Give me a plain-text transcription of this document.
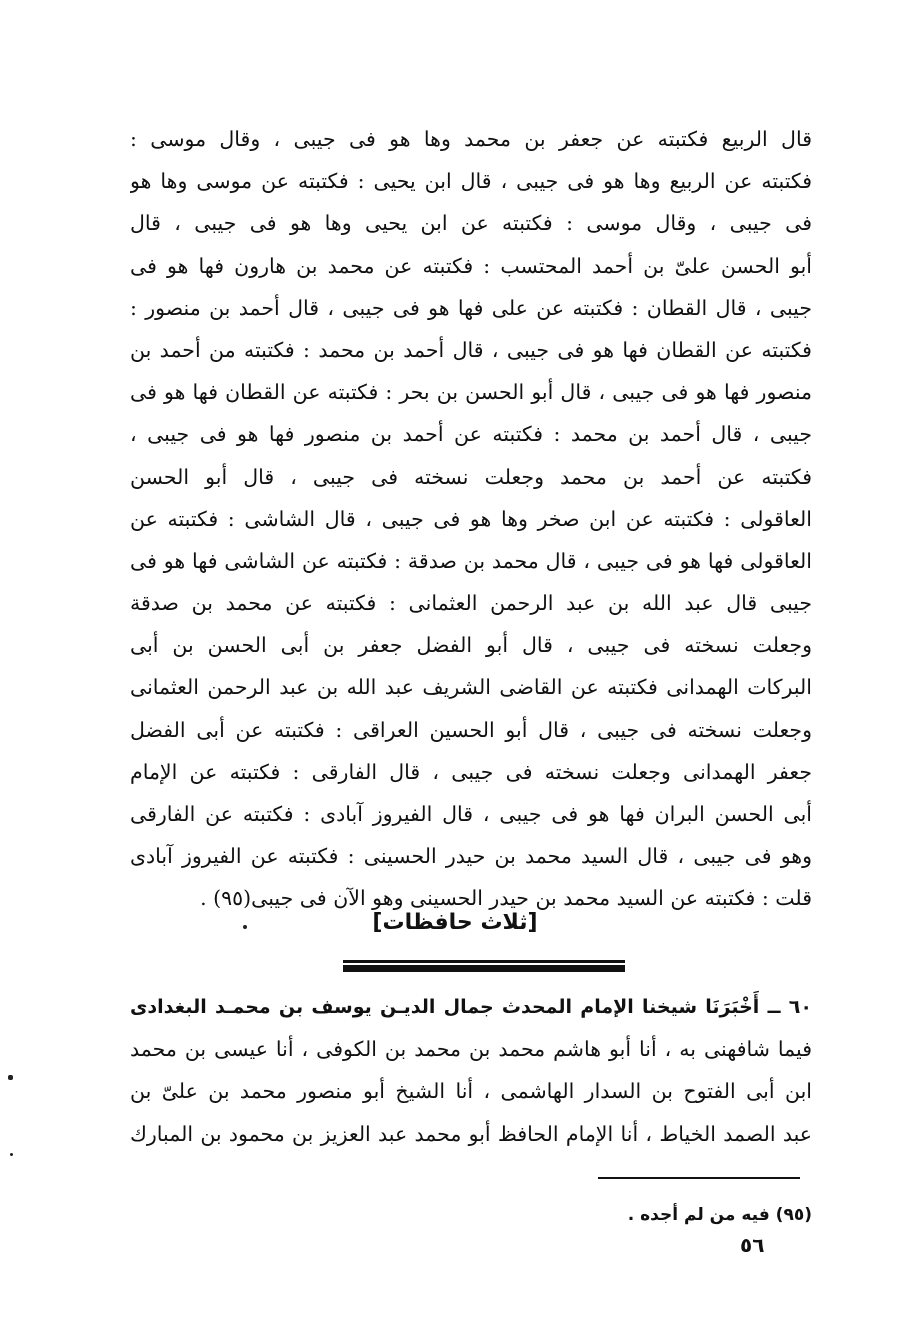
قال الربيع فكتبته عن جعفر بن محمد وها هو فى جيبى ، وقال موسى :
فكتبته عن الربيع وها هو فى جيبى ، قال ابن يحيى : فكتبته عن موسى وها هو
فى جيبى ، وقال موسى : فكتبته عن ابن يحيى وها هو فى جيبى ، قال
أبو الحسن علىّ بن أحمد المحتسب : فكتبته عن محمد بن هارون فها هو فى
جيبى ، قال القطان : فكتبته عن على فها هو فى جيبى ، قال أحمد بن منصور :
فكتبته عن القطان فها هو فى جيبى ، قال أحمد بن محمد : فكتبته من أحمد بن
منصور فها هو فى جيبى ، قال أبو الحسن بن بحر : فكتبته عن القطان فها هو فى
جيبى ، قال أحمد بن محمد : فكتبته عن أحمد بن منصور فها هو فى جيبى ،
فكتبته عن أحمد بن محمد وجعلت نسخته فى جيبى ، قال أبو الحسن
العاقولى : فكتبته عن ابن صخر وها هو فى جيبى ، قال الشاشى : فكتبته عن
العاقولى فها هو فى جيبى ، قال محمد بن صدقة : فكتبته عن الشاشى فها هو فى
جيبى قال عبد الله بن عبد الرحمن العثمانى : فكتبته عن محمد بن صدقة
وجعلت نسخته فى جيبى ، قال أبو الفضل جعفر بن أبى الحسن بن أبى
البركات الهمدانى فكتبته عن القاضى الشريف عبد الله بن عبد الرحمن العثمانى
وجعلت نسخته فى جيبى ، قال أبو الحسين العراقى : فكتبته عن أبى الفضل
جعفر الهمدانى وجعلت نسخته فى جيبى ، قال الفارقى : فكتبته عن الإمام
أبى الحسن البران فها هو فى جيبى ، قال الفيروز آبادى : فكتبته عن الفارقى
وهو فى جيبى ، قال السيد محمد بن حيدر الحسينى : فكتبته عن الفيروز آبادى
قلت : فكتبته عن السيد محمد بن حيدر الحسينى وهو الآن فى جيبى(٩٥) .
[ثلاث حافظات]
٦٠ ــ أَخْبَرَنَا شيخنا الإمام المحدث جمال الديـن يوسف بن محمـد البغدادى
فيما شافهنى به ، أنا أبو هاشم محمد بن محمد بن الكوفى ، أنا عيسى بن محمد
ابن أبى الفتوح بن السدار الهاشمى ، أنا الشيخ أبو منصور محمد بن علىّ بن
عبد الصمد الخياط ، أنا الإمام الحافظ أبو محمد عبد العزيز بن محمود بن المبارك
(٩٥) فيه من لم أجده .
٥٦
